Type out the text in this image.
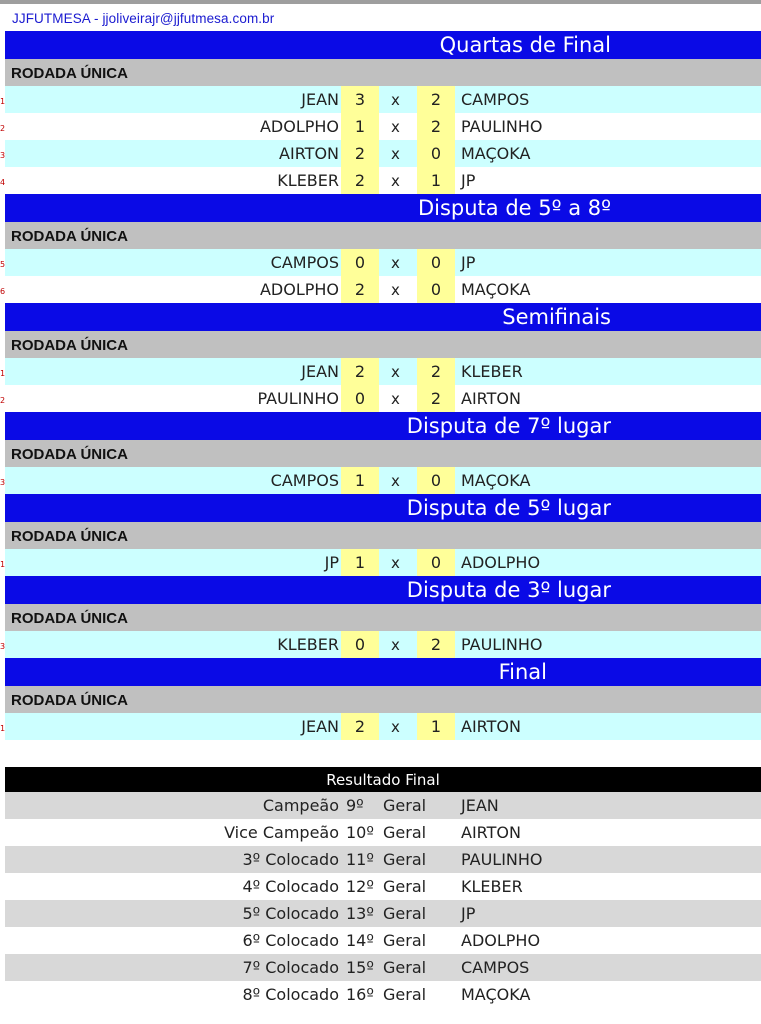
JJFUTMESA - jjoliveirajr@jjfutmesa.com.br
Quartas de Final
RODADA ÚNICA
1	JEAN 3	x	2	CAMPOS
2	ADOLPHO 1	x	2	PAULINHO
3	AIRTON 2	x	0	MAÇOKA
4	KLEBER 2	x	1	JP
Disputa de 5º a 8º
RODADA ÚNICA
5	CAMPOS 0	x	0	JP
6	ADOLPHO 2	x	0	MAÇOKA
Semifinais
RODADA ÚNICA
1	JEAN 2	x	2	KLEBER
2	PAULINHO 0	x	2	AIRTON
Disputa de 7º lugar
RODADA ÚNICA
3	CAMPOS 1	x	0	MAÇOKA
Disputa de 5º lugar
RODADA ÚNICA
1	JP 1	x	0	ADOLPHO
Disputa de 3º lugar
RODADA ÚNICA
3	KLEBER 0	x	2	PAULINHO
Final
RODADA ÚNICA
1	JEAN 2	x	1	AIRTON
Resultado Final
Campeão 9º Geral JEAN
Vice Campeão 10º Geral AIRTON
3º Colocado 11º Geral PAULINHO
4º Colocado 12º Geral KLEBER
5º Colocado 13º Geral JP
6º Colocado 14º Geral ADOLPHO
7º Colocado 15º Geral CAMPOS
8º Colocado 16º Geral MAÇOKA
